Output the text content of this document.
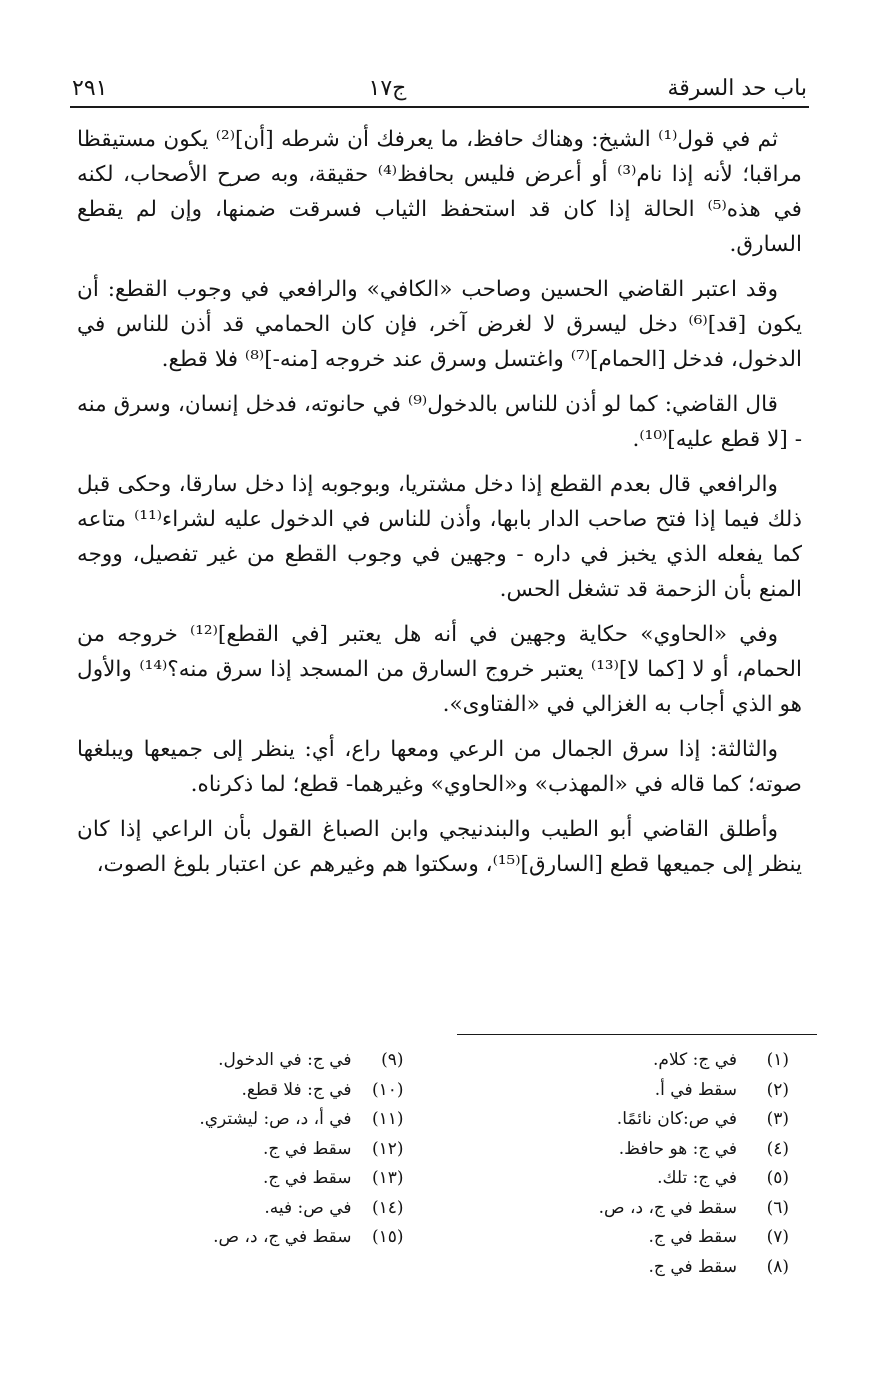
باب حد السرقة
ج١٧
٢٩١

ثم في قول⁽¹⁾ الشيخ: وهناك حافظ، ما يعرفك أن شرطه [أن]⁽²⁾ يكون مستيقظا مراقبا؛ لأنه إذا نام⁽³⁾ أو أعرض فليس بحافظ⁽⁴⁾ حقيقة، وبه صرح الأصحاب، لكنه في هذه⁽⁵⁾ الحالة إذا كان قد استحفظ الثياب فسرقت ضمنها، وإن لم يقطع السارق.

وقد اعتبر القاضي الحسين وصاحب «الكافي» والرافعي في وجوب القطع: أن يكون [قد]⁽⁶⁾ دخل ليسرق لا لغرض آخر، فإن كان الحمامي قد أذن للناس في الدخول، فدخل [الحمام]⁽⁷⁾ واغتسل وسرق عند خروجه [منه-]⁽⁸⁾ فلا قطع.

قال القاضي: كما لو أذن للناس بالدخول⁽⁹⁾ في حانوته، فدخل إنسان، وسرق منه - [لا قطع عليه]⁽¹⁰⁾.

والرافعي قال بعدم القطع إذا دخل مشتريا، وبوجوبه إذا دخل سارقا، وحكى قبل ذلك فيما إذا فتح صاحب الدار بابها، وأذن للناس في الدخول عليه لشراء⁽¹¹⁾ متاعه كما يفعله الذي يخبز في داره - وجهين في وجوب القطع من غير تفصيل، ووجه المنع بأن الزحمة قد تشغل الحس.

وفي «الحاوي» حكاية وجهين في أنه هل يعتبر [في القطع]⁽¹²⁾ خروجه من الحمام، أو لا [كما لا]⁽¹³⁾ يعتبر خروج السارق من المسجد إذا سرق منه؟⁽¹⁴⁾ والأول هو الذي أجاب به الغزالي في «الفتاوى».

والثالثة: إذا سرق الجمال من الرعي ومعها راع، أي: ينظر إلى جميعها ويبلغها صوته؛ كما قاله في «المهذب» و«الحاوي» وغيرهما- قطع؛ لما ذكرناه.

وأطلق القاضي أبو الطيب والبندنيجي وابن الصباغ القول بأن الراعي إذا كان ينظر إلى جميعها قطع [السارق]⁽¹⁵⁾، وسكتوا هم وغيرهم عن اعتبار بلوغ الصوت،

(١)
في ج: كلام.
(٢)
سقط في أ.
(٣)
في ص:كان نائمًا.
(٤)
في ج: هو حافظ.
(٥)
في ج: تلك.
(٦)
سقط في ج، د، ص.
(٧)
سقط في ج.
(٨)
سقط في ج.
(٩)
في ج: في الدخول.
(١٠)
في ج: فلا قطع.
(١١)
في أ، د، ص: ليشتري.
(١٢)
سقط في ج.
(١٣)
سقط في ج.
(١٤)
في ص: فيه.
(١٥)
سقط في ج، د، ص.
